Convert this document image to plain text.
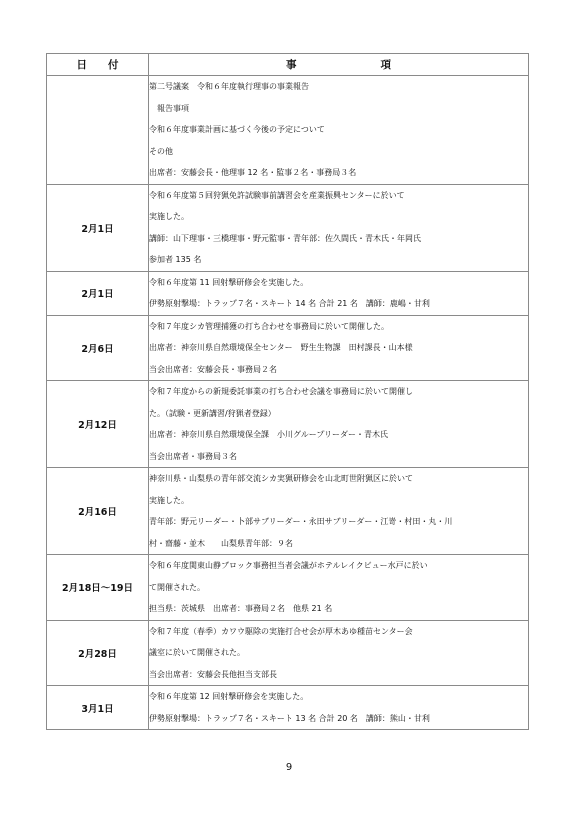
日　　付	事　　　　　　　　項

	第二号議案　令和６年度執行理事の事業報告
　報告事項
令和６年度事業計画に基づく今後の予定について
その他
出席者：安藤会長・他理事 12 名・監事２名・事務局３名

2月1日	令和６年度第５回狩猟免許試験事前講習会を産業振興センターに於いて
実施した。
講師：山下理事・三橋理事・野元監事・青年部：佐久間氏・青木氏・年岡氏
参加者 135 名

2月1日	令和６年度第 11 回射撃研修会を実施した。
伊勢原射撃場：トラップ７名・スキート 14 名 合計 21 名　講師：鹿嶋・甘利

2月6日	令和７年度シカ管理捕獲の打ち合わせを事務局に於いて開催した。
出席者：神奈川県自然環境保全センター　野生生物課　田村課長・山本様
当会出席者：安藤会長・事務局２名

2月12日	令和７年度からの新規委託事業の打ち合わせ会議を事務局に於いて開催し
た。（試験・更新講習/狩猟者登録）
出席者：神奈川県自然環境保全課　小川グループリーダー・青木氏
当会出席者・事務局３名

2月16日	神奈川県・山梨県の青年部交流シカ実猟研修会を山北町世附猟区に於いて
実施した。
青年部：野元リーダー・卜部サブリーダー・永田サブリーダー・江嵜・村田・丸・川
村・齋藤・並木　　山梨県青年部：９名

2月18日～19日	令和６年度関東山静ブロック事務担当者会議がホテルレイクビュー水戸に於い
て開催された。
担当県：茨城県　出席者：事務局２名　他県 21 名

2月28日	令和７年度（春季）カワウ駆除の実施打合せ会が厚木あゆ種苗センター会
議室に於いて開催された。
当会出席者：安藤会長他担当支部長

3月1日	令和６年度第 12 回射撃研修会を実施した。
伊勢原射撃場：トラップ７名・スキート 13 名 合計 20 名　講師：熊山・甘利
9
